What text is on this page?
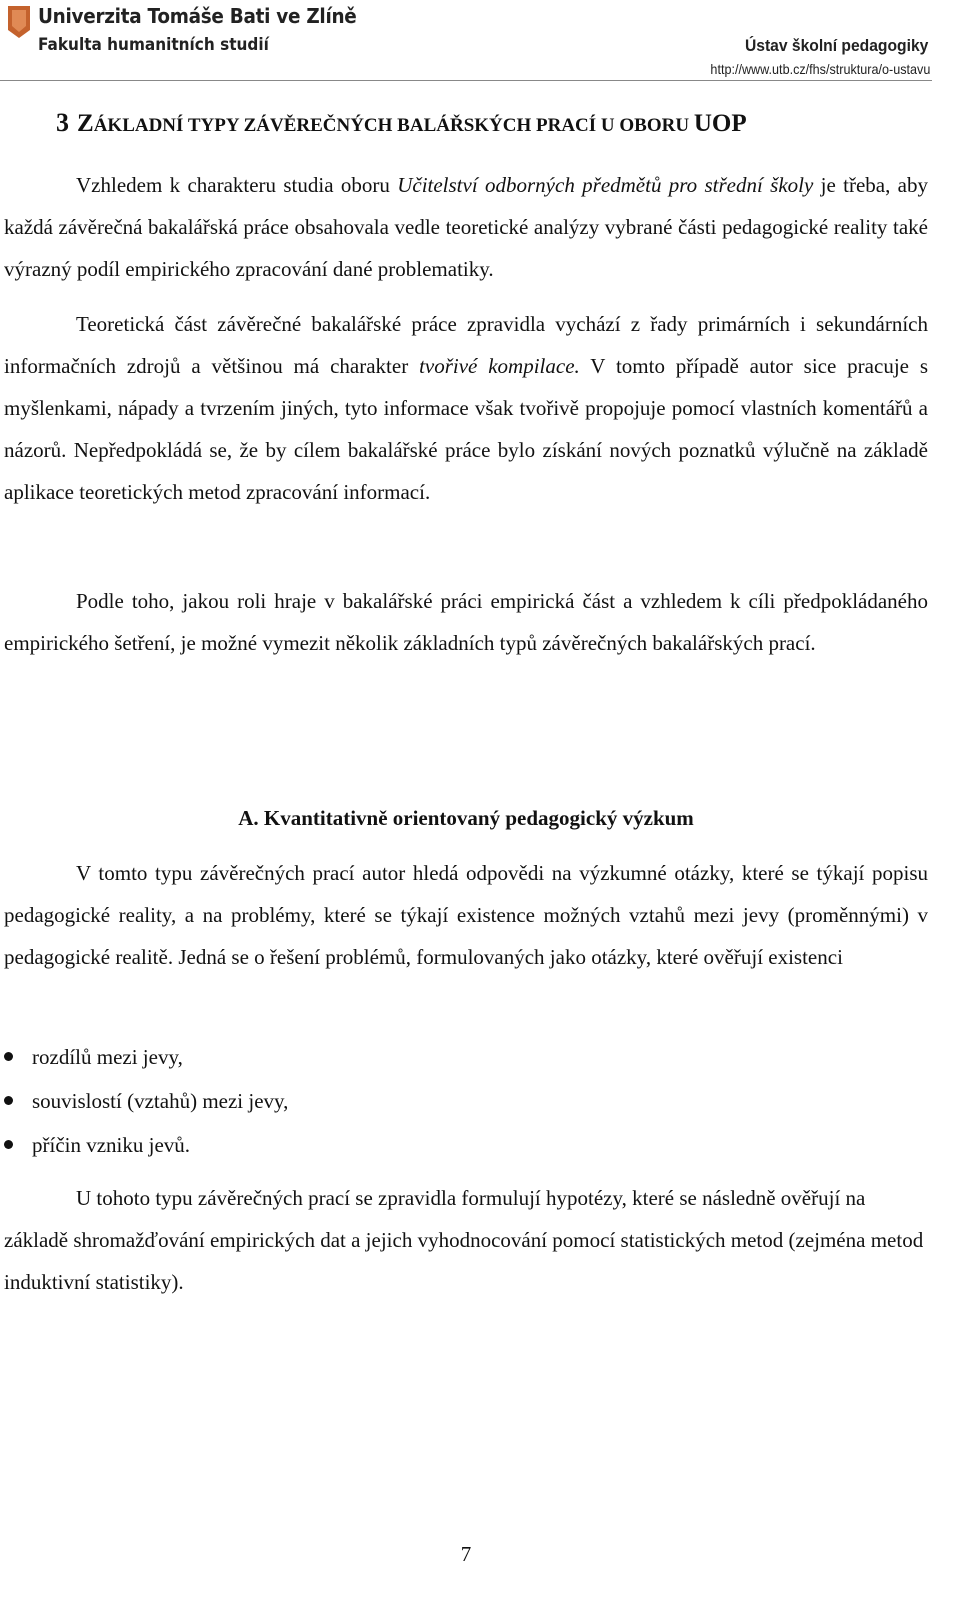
Univerzita Tomáše Bati ve Zlíně
Fakulta humanitních studií	Ústav školní pedagogiky
http://www.utb.cz/fhs/struktura/o-ustavu
3 ZÁKLADNÍ TYPY ZÁVĚREČNÝCH BALÁŘSKÝCH PRACÍ U OBORU UOP

Vzhledem k charakteru studia oboru Učitelství odborných předmětů pro střední školy je třeba, aby každá závěrečná bakalářská práce obsahovala vedle teoretické analýzy vybrané části pedagogické reality také výrazný podíl empirického zpracování dané problematiky.

Teoretická část závěrečné bakalářské práce zpravidla vychází z řady primárních i sekundárních informačních zdrojů a většinou má charakter tvořivé kompilace. V tomto případě autor sice pracuje s myšlenkami, nápady a tvrzením jiných, tyto informace však tvořivě propojuje pomocí vlastních komentářů a názorů. Nepředpokládá se, že by cílem bakalářské práce bylo získání nových poznatků výlučně na základě aplikace teoretických metod zpracování informací.

Podle toho, jakou roli hraje v bakalářské práci empirická část a vzhledem k cíli předpokládaného empirického šetření, je možné vymezit několik základních typů závěrečných bakalářských prací.

A. Kvantitativně orientovaný pedagogický výzkum

V tomto typu závěrečných prací autor hledá odpovědi na výzkumné otázky, které se týkají popisu pedagogické reality, a na problémy, které se týkají existence možných vztahů mezi jevy (proměnnými) v pedagogické realitě. Jedná se o řešení problémů, formulovaných jako otázky, které ověřují existenci

rozdílů mezi jevy,
souvislostí (vztahů) mezi jevy,
příčin vzniku jevů.

U tohoto typu závěrečných prací se zpravidla formulují hypotézy, které se následně ověřují na základě shromažďování empirických dat a jejich vyhodnocování pomocí statistických metod (zejména metod induktivní statistiky).

7
